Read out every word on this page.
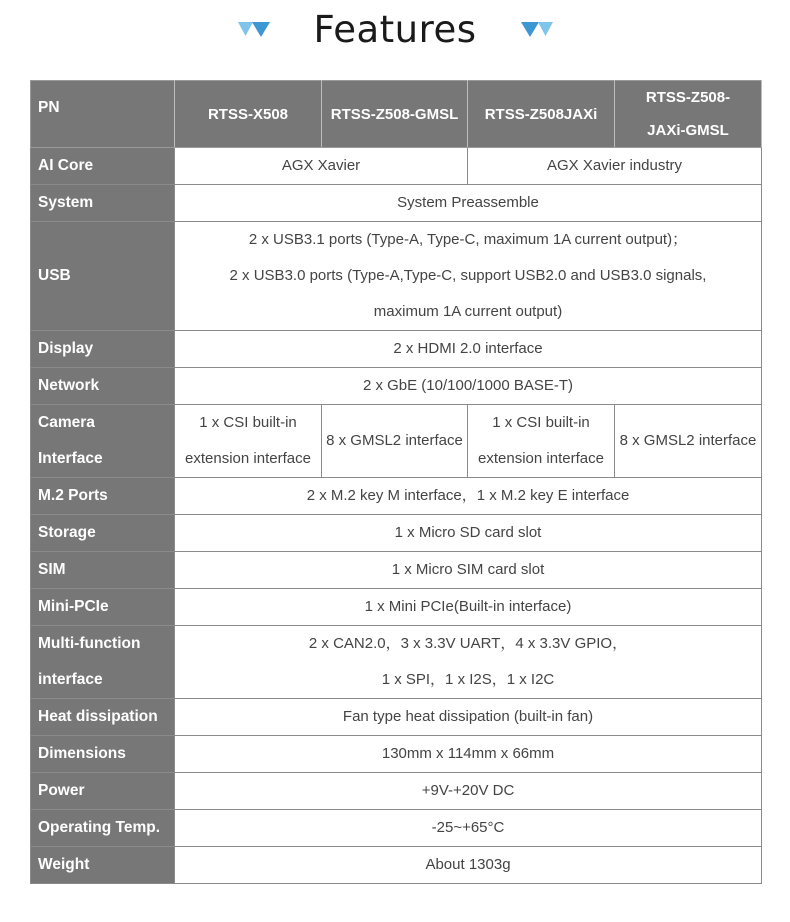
Features
PN	RTSS-X508	RTSS-Z508-GMSL	RTSS-Z508JAXi	RTSS-Z508-
JAXi-GMSL

AI Core	AGX Xavier		AGX Xavier industry	
System	System Preassemble			
USB	2 x USB3.1 ports (Type-A, Type-C, maximum 1A current output)；
2 x USB3.0 ports (Type-A,Type-C, support USB2.0 and USB3.0 signals,
maximum 1A current output)			

Display	2 x HDMI 2.0 interface			
Network	2 x GbE (10/100/1000 BASE-T)			

Camera
Interface	1 x CSI built-in
extension interface	8 x GMSL2 interface	1 x CSI built-in
extension interface	8 x GMSL2 interface
M.2 Ports	2 x M.2 key M interface，1 x M.2 key E interface			
Storage	1 x Micro SD card slot			
SIM	1 x Micro SIM card slot			
Mini-PCIe	1 x Mini PCIe(Built-in interface)			

Multi-function
interface	2 x CAN2.0，3 x 3.3V UART，4 x 3.3V GPIO，
1 x SPI，1 x I2S，1 x I2C			

Heat dissipation	Fan type heat dissipation (built-in fan)			
Dimensions	130mm x 114mm x 66mm			
Power	+9V-+20V DC			
Operating Temp.	-25~+65°C			
Weight	About 1303g			
